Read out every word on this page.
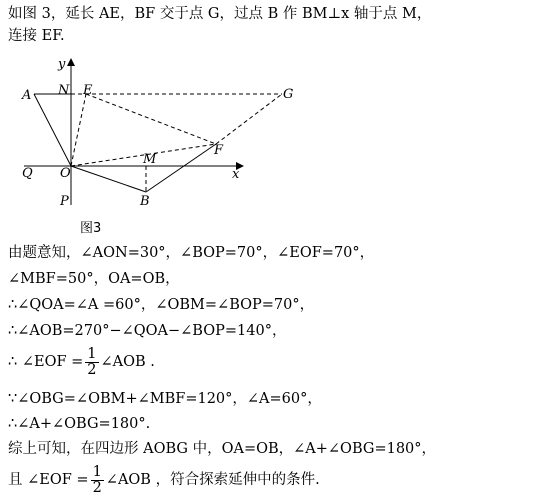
如图 3，延长 AE，BF 交于点 G，过点 B 作 BM⊥x 轴于点 M，
连接 EF.
y
x
A N E	G
F
M
Q O
P	B
图3
由题意知，∠AON=30°，∠BOP=70°，∠EOF=70°，
∠MBF=50°，OA=OB，
∴∠QOA=∠A =60°，∠OBM=∠BOP=70°，
∴∠AOB=270°−∠QOA−∠BOP=140°，
∴ ∠EOF = $\frac{1}{2}$ ∠AOB .
∵∠OBG=∠OBM+∠MBF=120°，∠A=60°，
∴∠A+∠OBG=180°.
综上可知，在四边形 AOBG 中，OA=OB，∠A+∠OBG=180°，
且 ∠EOF = $\frac{1}{2}$ ∠AOB ，符合探索延伸中的条件.
